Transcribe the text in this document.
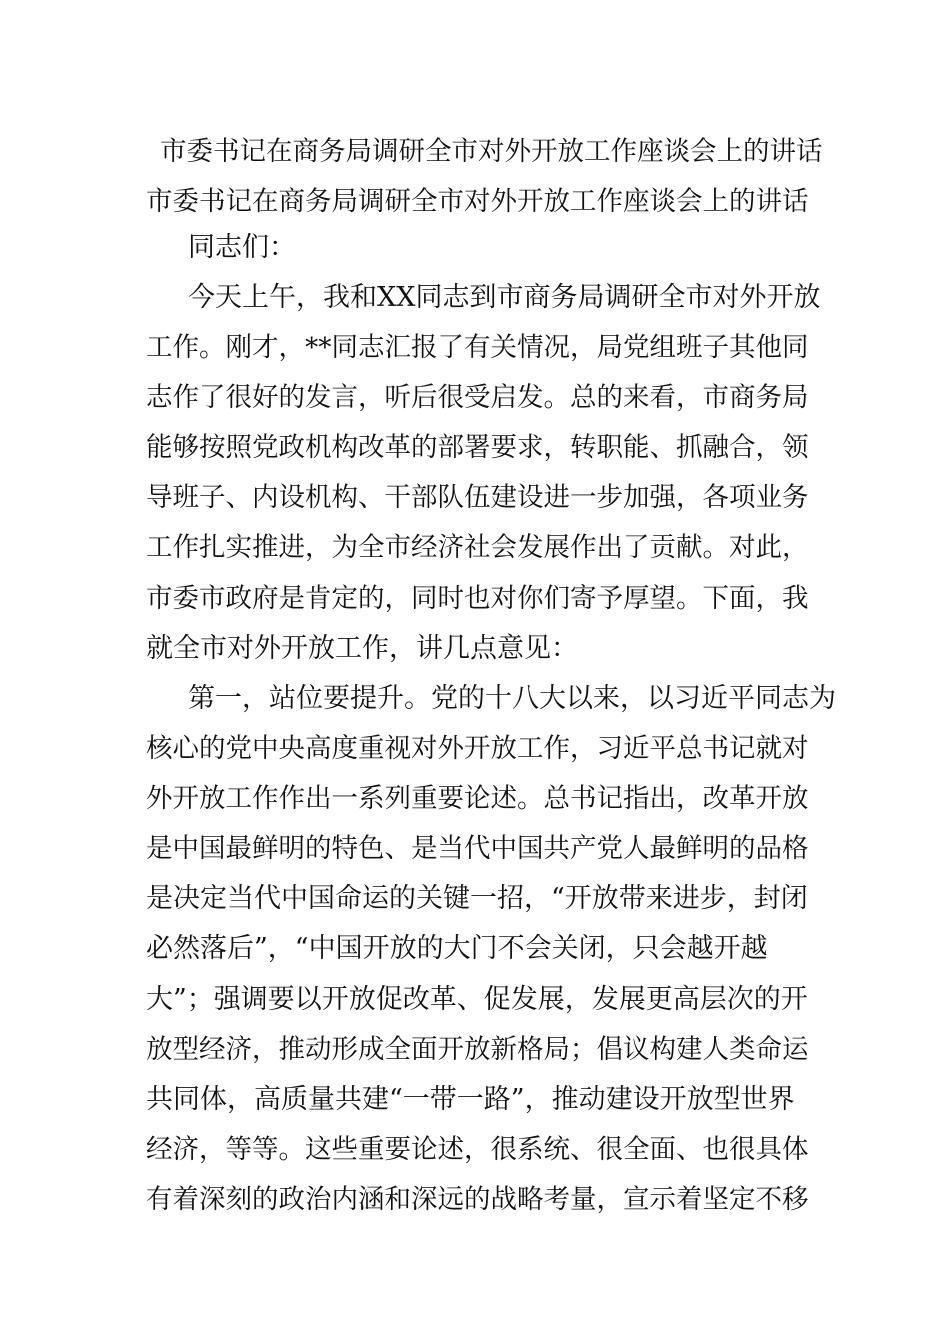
市委书记在商务局调研全市对外开放工作座谈会上的讲话
市委书记在商务局调研全市对外开放工作座谈会上的讲话
同志们：
今天上午，我和XX同志到市商务局调研全市对外开放
工作。刚才，**同志汇报了有关情况，局党组班子其他同
志作了很好的发言，听后很受启发。总的来看，市商务局
能够按照党政机构改革的部署要求，转职能、抓融合，领
导班子、内设机构、干部队伍建设进一步加强，各项业务
工作扎实推进，为全市经济社会发展作出了贡献。对此，
市委市政府是肯定的，同时也对你们寄予厚望。下面，我
就全市对外开放工作，讲几点意见：
第一，站位要提升。党的十八大以来，以习近平同志为
核心的党中央高度重视对外开放工作，习近平总书记就对
外开放工作作出一系列重要论述。总书记指出，改革开放
是中国最鲜明的特色、是当代中国共产党人最鲜明的品格
是决定当代中国命运的关键一招，“开放带来进步，封闭
必然落后”，“中国开放的大门不会关闭，只会越开越
大”；强调要以开放促改革、促发展，发展更高层次的开
放型经济，推动形成全面开放新格局；倡议构建人类命运
共同体，高质量共建“一带一路”，推动建设开放型世界
经济，等等。这些重要论述，很系统、很全面、也很具体
有着深刻的政治内涵和深远的战略考量，宣示着坚定不移
